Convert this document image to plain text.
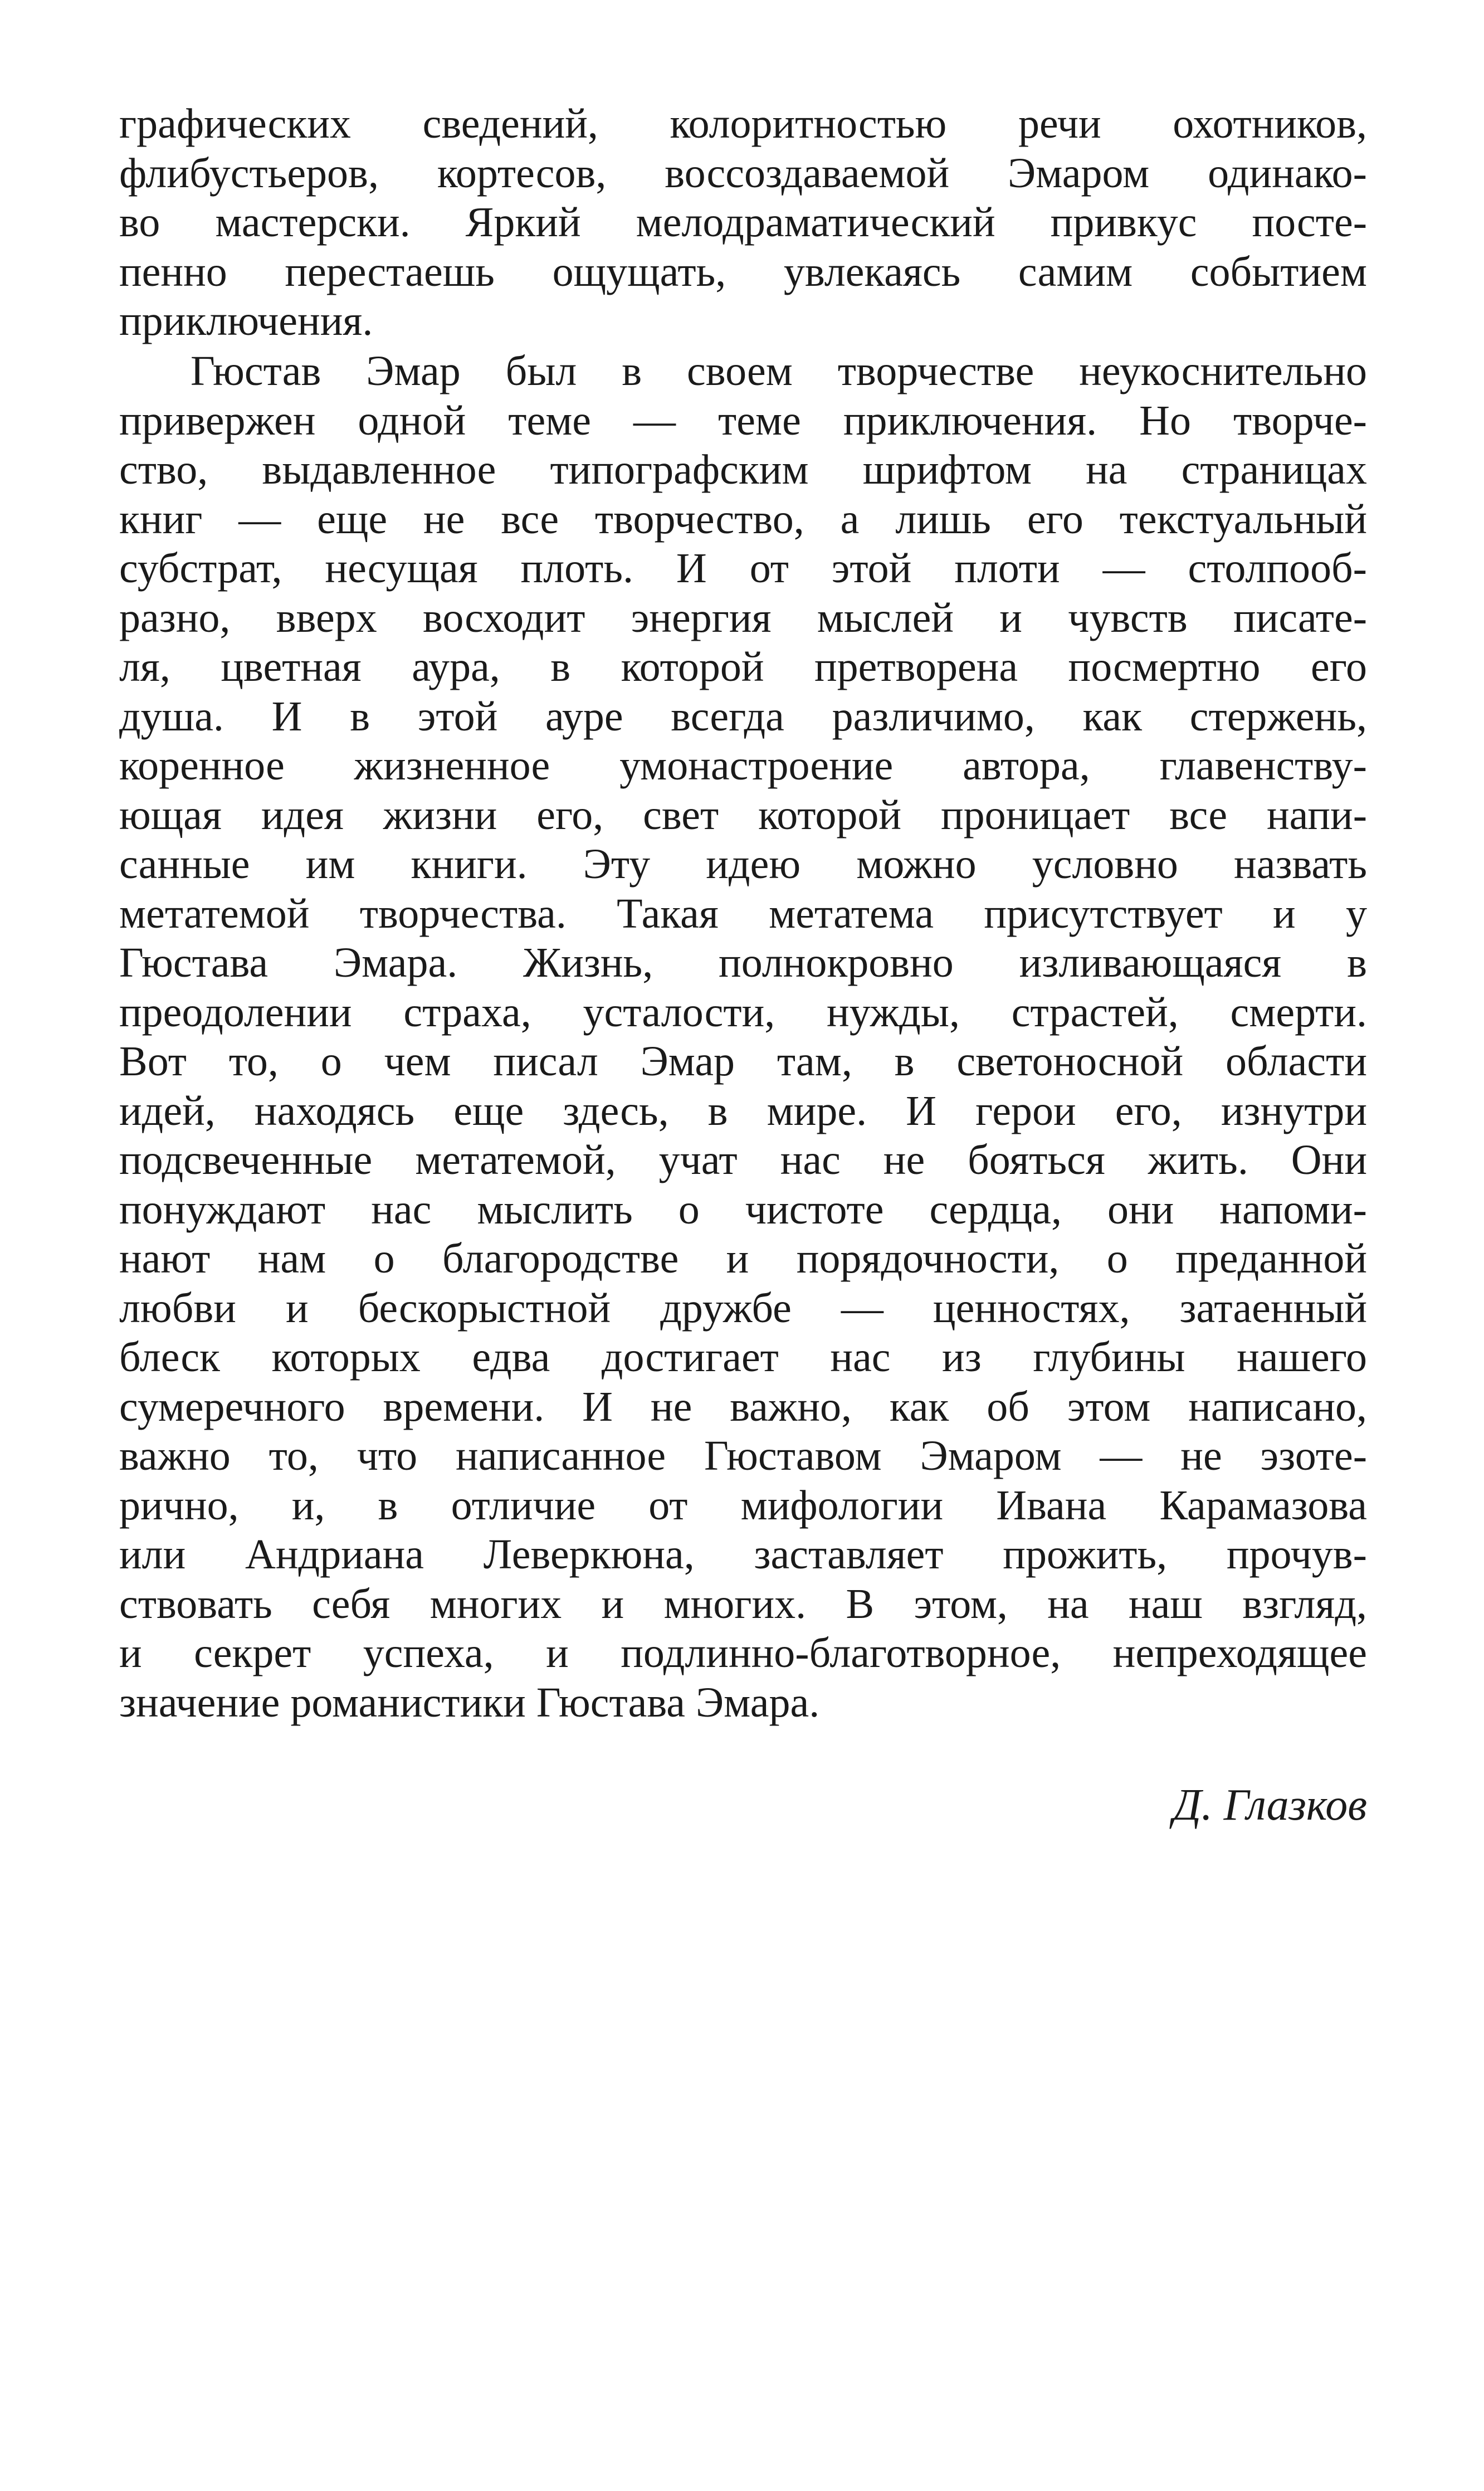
графических сведений, колоритностью речи охотников,
флибустьеров, кортесов, воссоздаваемой Эмаром одинако-
во мастерски. Яркий мелодраматический привкус посте-
пенно перестаешь ощущать, увлекаясь самим событием
приключения.
Гюстав Эмар был в своем творчестве неукоснительно
привержен одной теме — теме приключения. Но творче-
ство, выдавленное типографским шрифтом на страницах
книг — еще не все творчество, а лишь его текстуальный
субстрат, несущая плоть. И от этой плоти — столпооб-
разно, вверх восходит энергия мыслей и чувств писате-
ля, цветная аура, в которой претворена посмертно его
душа. И в этой ауре всегда различимо, как стержень,
коренное жизненное умонастроение автора, главенству-
ющая идея жизни его, свет которой проницает все напи-
санные им книги. Эту идею можно условно назвать
метатемой творчества. Такая метатема присутствует и у
Гюстава Эмара. Жизнь, полнокровно изливающаяся в
преодолении страха, усталости, нужды, страстей, смерти.
Вот то, о чем писал Эмар там, в светоносной области
идей, находясь еще здесь, в мире. И герои его, изнутри
подсвеченные метатемой, учат нас не бояться жить. Они
понуждают нас мыслить о чистоте сердца, они напоми-
нают нам о благородстве и порядочности, о преданной
любви и бескорыстной дружбе — ценностях, затаенный
блеск которых едва достигает нас из глубины нашего
сумеречного времени. И не важно, как об этом написано,
важно то, что написанное Гюставом Эмаром — не эзоте-
рично, и, в отличие от мифологии Ивана Карамазова
или Андриана Леверкюна, заставляет прожить, прочув-
ствовать себя многих и многих. В этом, на наш взгляд,
и секрет успеха, и подлинно-благотворное, непреходящее
значение романистики Гюстава Эмара.
Д. Глазков
